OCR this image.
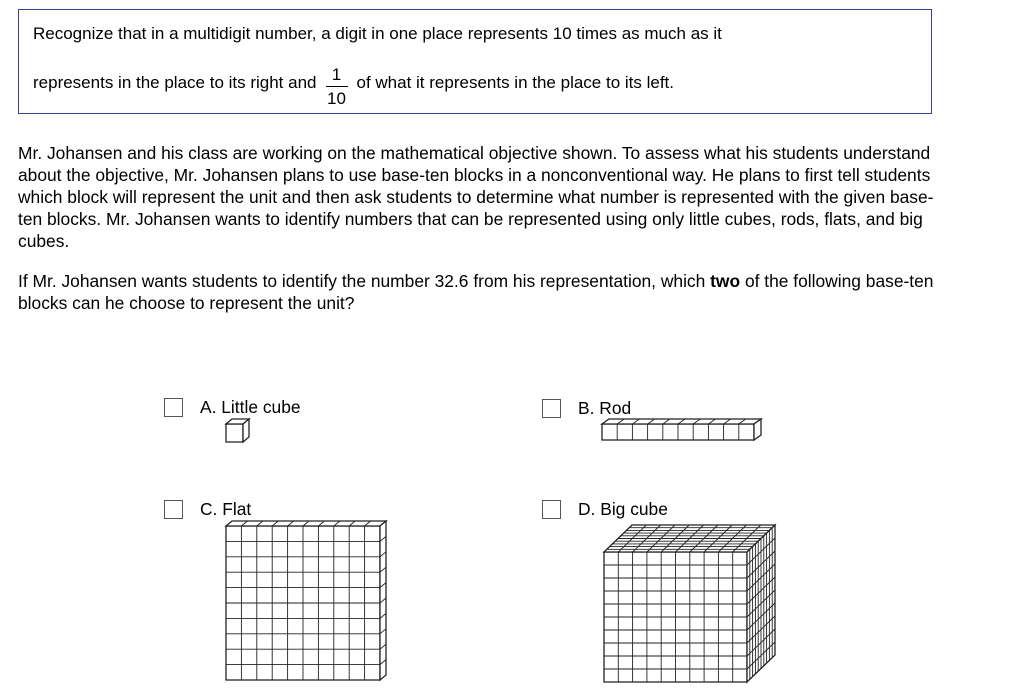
Recognize that in a multidigit number, a digit in one place represents 10 times as much as it
represents in the place to its right and $\frac{1}{10}$ of what it represents in the place to its left.
Mr. Johansen and his class are working on the mathematical objective shown. To assess what his students understand about the objective, Mr. Johansen plans to use base-ten blocks in a nonconventional way. He plans to first tell students which block will represent the unit and then ask students to determine what number is represented with the given base-ten blocks. Mr. Johansen wants to identify numbers that can be represented using only little cubes, rods, flats, and big cubes.
If Mr. Johansen wants students to identify the number 32.6 from his representation, which two of the following base-ten blocks can he choose to represent the unit?
A. Little cube	B. Rod
C. Flat	D. Big cube
